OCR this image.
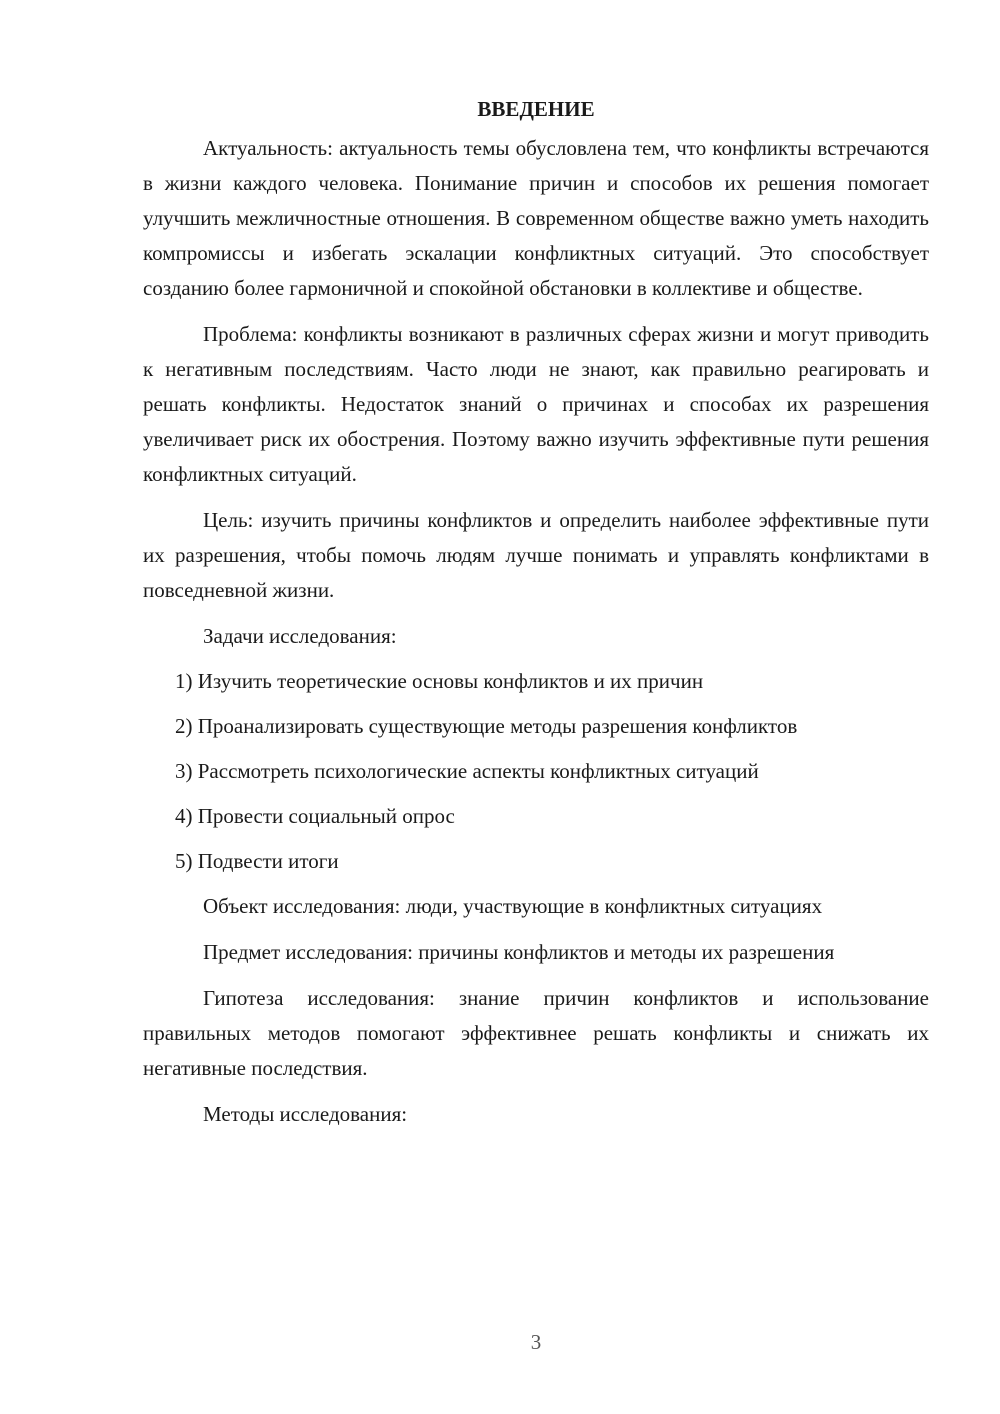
ВВЕДЕНИЕ

Актуальность: актуальность темы обусловлена тем, что конфликты встречаются в жизни каждого человека. Понимание причин и способов их решения помогает улучшить межличностные отношения. В современном обществе важно уметь находить компромиссы и избегать эскалации конфликтных ситуаций. Это способствует созданию более гармоничной и спокойной обстановки в коллективе и обществе.

Проблема: конфликты возникают в различных сферах жизни и могут приводить к негативным последствиям. Часто люди не знают, как правильно реагировать и решать конфликты. Недостаток знаний о причинах и способах их разрешения увеличивает риск их обострения. Поэтому важно изучить эффективные пути решения конфликтных ситуаций.

Цель: изучить причины конфликтов и определить наиболее эффективные пути их разрешения, чтобы помочь людям лучше понимать и управлять конфликтами в повседневной жизни.

Задачи исследования:

1) Изучить теоретические основы конфликтов и их причин
2) Проанализировать существующие методы разрешения конфликтов
3) Рассмотреть психологические аспекты конфликтных ситуаций
4) Провести социальный опрос
5) Подвести итоги

Объект исследования: люди, участвующие в конфликтных ситуациях

Предмет исследования: причины конфликтов и методы их разрешения

Гипотеза исследования: знание причин конфликтов и использование правильных методов помогают эффективнее решать конфликты и снижать их негативные последствия.

Методы исследования:

3
